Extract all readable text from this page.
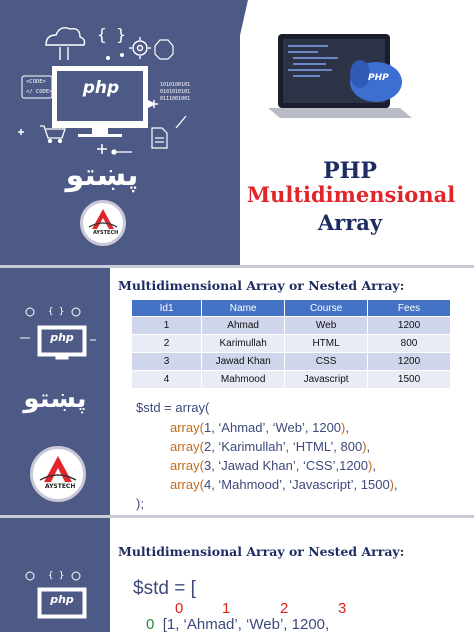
{ }
php
<CODE>
</ CODE>
1010100101
0101010101
0111001001
پښتو
AYSTECH
PHP
PHP
Multidimensional
Array
{ }
php
پښتو
AYSTECH
Multidimensional Array or Nested Array:
Id1	Name	Course	Fees
1	Ahmad	Web	1200
2	Karimullah	HTML	800
3	Jawad Khan	CSS	1200
4	Mahmood	Javascript	1500
$std = array(
array(1, ‘Ahmad’, ‘Web’, 1200),
array(2, ‘Karimullah’, ‘HTML’, 800),
array(3, ‘Jawad Khan’, ‘CSS’,1200),
array(4, ‘Mahmood’, ‘Javascript’, 1500),
);
{ }
php
Multidimensional Array or Nested Array:
$std = [
0	1	2	3
0 [1, ‘Ahmad’, ‘Web’, 1200,
